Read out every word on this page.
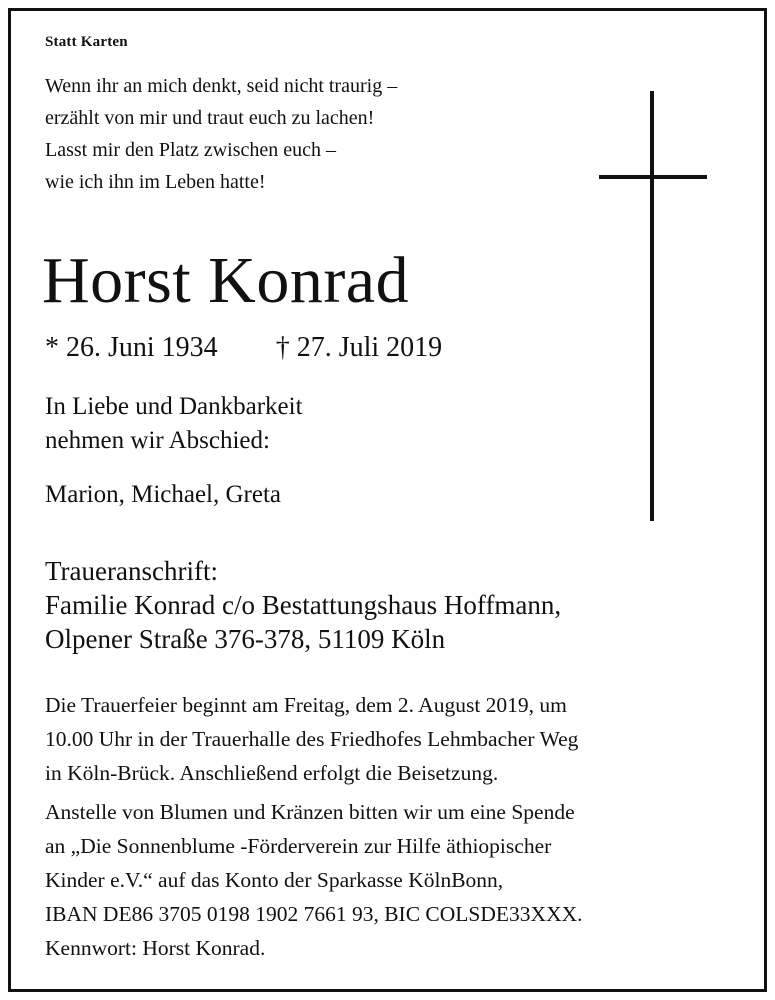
Statt Karten
Wenn ihr an mich denkt, seid nicht traurig –
erzählt von mir und traut euch zu lachen!
Lasst mir den Platz zwischen euch –
wie ich ihn im Leben hatte!
Horst Konrad
* 26. Juni 1934 † 27. Juli 2019
In Liebe und Dankbarkeit
nehmen wir Abschied:
Marion, Michael, Greta
Traueranschrift:
Familie Konrad c/o Bestattungshaus Hoffmann,
Olpener Straße 376-378, 51109 Köln
Die Trauerfeier beginnt am Freitag, dem 2. August 2019, um
10.00 Uhr in der Trauerhalle des Friedhofes Lehmbacher Weg
in Köln-Brück. Anschließend erfolgt die Beisetzung.
Anstelle von Blumen und Kränzen bitten wir um eine Spende
an „Die Sonnenblume -Förderverein zur Hilfe äthiopischer
Kinder e.V.“ auf das Konto der Sparkasse KölnBonn,
IBAN DE86 3705 0198 1902 7661 93, BIC COLSDE33XXX.
Kennwort: Horst Konrad.
